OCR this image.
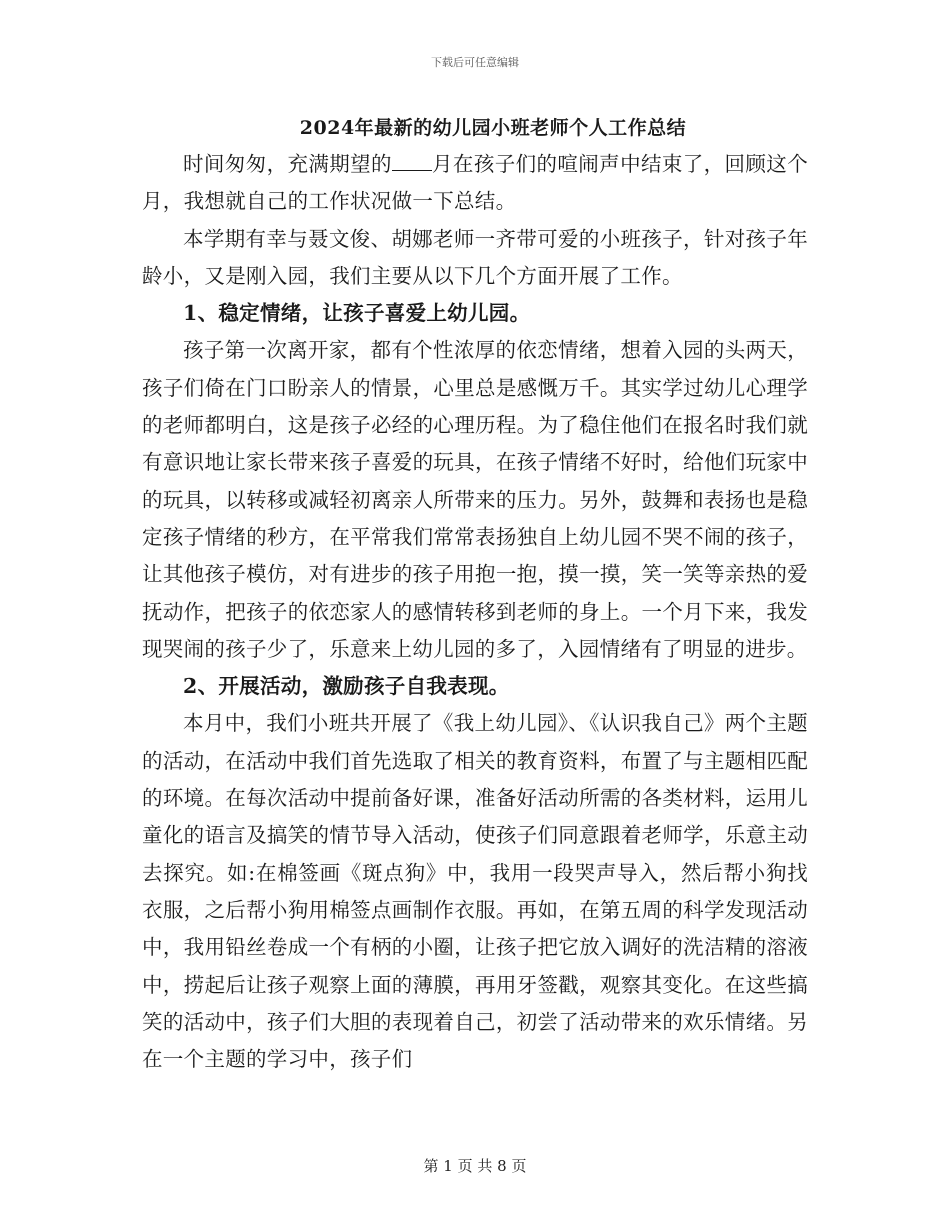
下载后可任意编辑
2024年最新的幼儿园小班老师个人工作总结

时间匆匆，充满期望的 月在孩子们的喧闹声中结束了，回顾这个月，我想就自己的工作状况做一下总结。

本学期有幸与聂文俊、胡娜老师一齐带可爱的小班孩子，针对孩子年龄小，又是刚入园，我们主要从以下几个方面开展了工作。

1、稳定情绪，让孩子喜爱上幼儿园。

孩子第一次离开家，都有个性浓厚的依恋情绪，想着入园的头两天，孩子们倚在门口盼亲人的情景，心里总是感慨万千。其实学过幼儿心理学的老师都明白，这是孩子必经的心理历程。为了稳住他们在报名时我们就有意识地让家长带来孩子喜爱的玩具，在孩子情绪不好时，给他们玩家中的玩具，以转移或减轻初离亲人所带来的压力。另外，鼓舞和表扬也是稳定孩子情绪的秒方，在平常我们常常表扬独自上幼儿园不哭不闹的孩子，让其他孩子模仿，对有进步的孩子用抱一抱，摸一摸，笑一笑等亲热的爱抚动作，把孩子的依恋家人的感情转移到老师的身上。一个月下来，我发现哭闹的孩子少了，乐意来上幼儿园的多了，入园情绪有了明显的进步。

2、开展活动，激励孩子自我表现。

本月中，我们小班共开展了《我上幼儿园》、《认识我自己》两个主题的活动，在活动中我们首先选取了相关的教育资料，布置了与主题相匹配的环境。在每次活动中提前备好课，准备好活动所需的各类材料，运用儿童化的语言及搞笑的情节导入活动，使孩子们同意跟着老师学，乐意主动去探究。如:在棉签画《斑点狗》中，我用一段哭声导入，然后帮小狗找衣服，之后帮小狗用棉签点画制作衣服。再如，在第五周的科学发现活动中，我用铅丝卷成一个有柄的小圈，让孩子把它放入调好的洗洁精的溶液中，捞起后让孩子观察上面的薄膜，再用牙签戳，观察其变化。在这些搞笑的活动中，孩子们大胆的表现着自己，初尝了活动带来的欢乐情绪。另在一个主题的学习中，孩子们

第 1 页 共 8 页
